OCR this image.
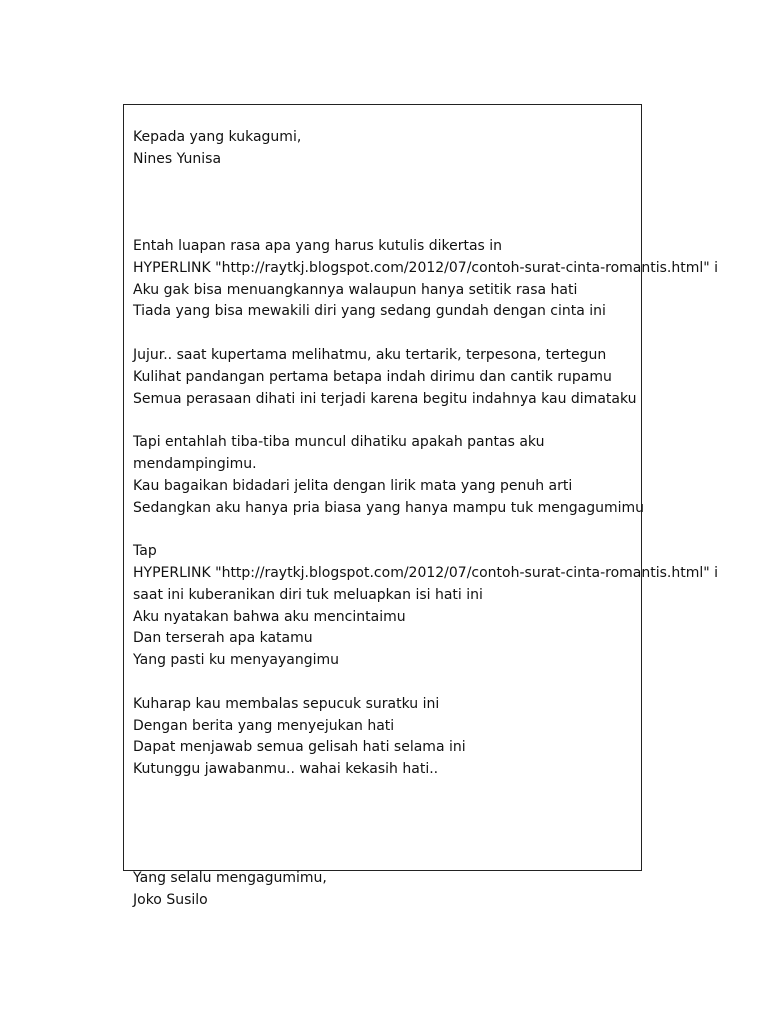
Kepada yang kukagumi,
Nines Yunisa
Entah luapan rasa apa yang harus kutulis dikertas in
HYPERLINK "http://raytkj.blogspot.com/2012/07/contoh-surat-cinta-romantis.html" i
Aku gak bisa menuangkannya walaupun hanya setitik rasa hati
Tiada yang bisa mewakili diri yang sedang gundah dengan cinta ini
Jujur.. saat kupertama melihatmu, aku tertarik, terpesona, tertegun
Kulihat pandangan pertama betapa indah dirimu dan cantik rupamu
Semua perasaan dihati ini terjadi karena begitu indahnya kau dimataku
Tapi entahlah tiba-tiba muncul dihatiku apakah pantas aku
mendampingimu.
Kau bagaikan bidadari jelita dengan lirik mata yang penuh arti
Sedangkan aku hanya pria biasa yang hanya mampu tuk mengagumimu
Tap
HYPERLINK "http://raytkj.blogspot.com/2012/07/contoh-surat-cinta-romantis.html" i
saat ini kuberanikan diri tuk meluapkan isi hati ini
Aku nyatakan bahwa aku mencintaimu
Dan terserah apa katamu
Yang pasti ku menyayangimu
Kuharap kau membalas sepucuk suratku ini
Dengan berita yang menyejukan hati
Dapat menjawab semua gelisah hati selama ini
Kutunggu jawabanmu.. wahai kekasih hati..
Yang selalu mengagumimu,
Joko Susilo
